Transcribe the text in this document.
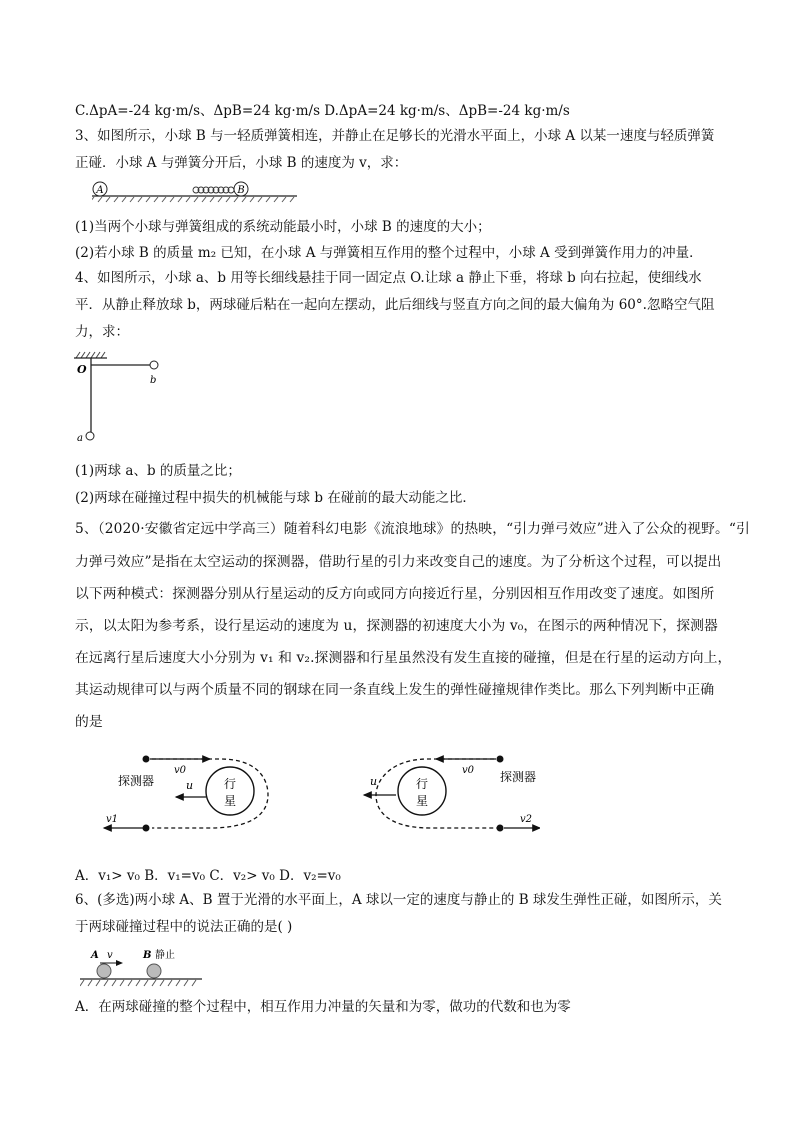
C.ΔpA=-24 kg·m/s、ΔpB=24 kg·m/s D.ΔpA=24 kg·m/s、ΔpB=-24 kg·m/s
3、如图所示，小球 B 与一轻质弹簧相连，并静止在足够长的光滑水平面上，小球 A 以某一速度与轻质弹簧
正碰．小球 A 与弹簧分开后，小球 B 的速度为 v，求：
A	B
(1)当两个小球与弹簧组成的系统动能最小时，小球 B 的速度的大小；
(2)若小球 B 的质量 m₂ 已知，在小球 A 与弹簧相互作用的整个过程中，小球 A 受到弹簧作用力的冲量．
4、如图所示，小球 a、b 用等长细线悬挂于同一固定点 O.让球 a 静止下垂，将球 b 向右拉起，使细线水
平．从静止释放球 b，两球碰后粘在一起向左摆动，此后细线与竖直方向之间的最大偏角为 60°.忽略空气阻
力，求：
O
b
a
(1)两球 a、b 的质量之比；
(2)两球在碰撞过程中损失的机械能与球 b 在碰前的最大动能之比．
5、（2020·安徽省定远中学高三）随着科幻电影《流浪地球》的热映，“引力弹弓效应”进入了公众的视野。“引
力弹弓效应”是指在太空运动的探测器，借助行星的引力来改变自己的速度。为了分析这个过程，可以提出
以下两种模式：探测器分别从行星运动的反方向或同方向接近行星，分别因相互作用改变了速度。如图所
示，以太阳为参考系，设行星运动的速度为 u，探测器的初速度大小为 v₀，在图示的两种情况下，探测器
在远离行星后速度大小分别为 v₁ 和 v₂.探测器和行星虽然没有发生直接的碰撞，但是在行星的运动方向上，
其运动规律可以与两个质量不同的钢球在同一条直线上发生的弹性碰撞规律作类比。那么下列判断中正确
的是
v0
探测器	u	行
星
v1
v0 探测器
u	行
星
v2
A．v₁> v₀ B．v₁=v₀ C．v₂> v₀ D．v₂=v₀
6、(多选)两小球 A、B 置于光滑的水平面上，A 球以一定的速度与静止的 B 球发生弹性正碰，如图所示，关
于两球碰撞过程中的说法正确的是( )
A v	B 静止
A．在两球碰撞的整个过程中，相互作用力冲量的矢量和为零，做功的代数和也为零
